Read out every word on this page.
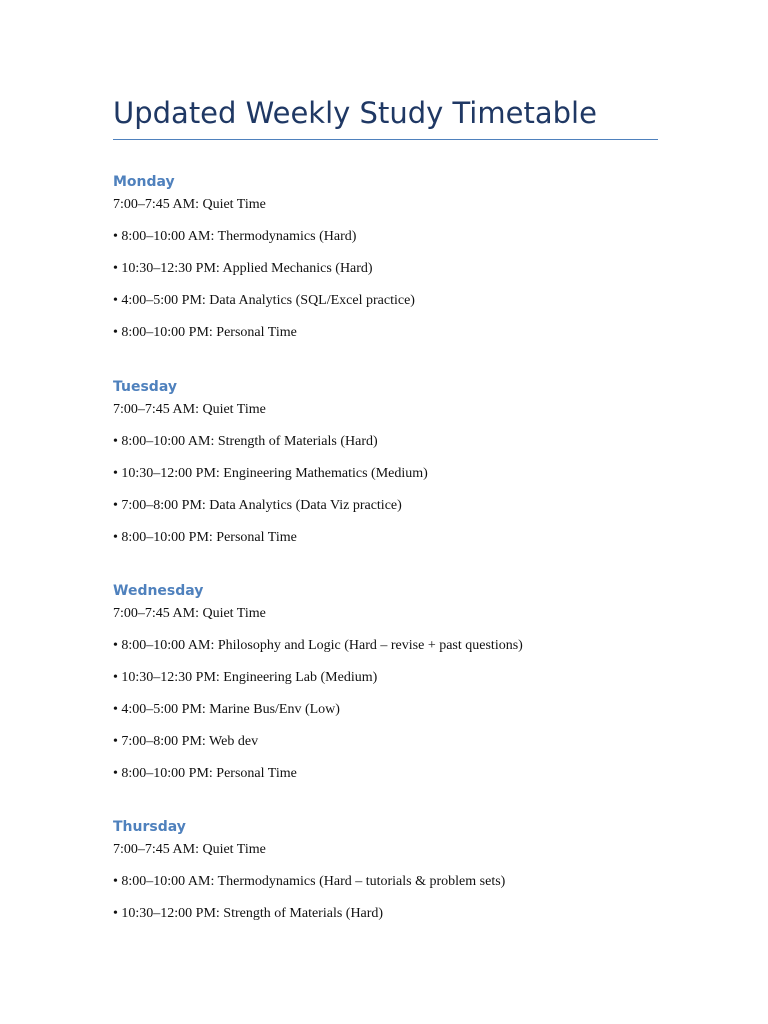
Updated Weekly Study Timetable
Monday
7:00–7:45 AM: Quiet Time
• 8:00–10:00 AM: Thermodynamics (Hard)
• 10:30–12:30 PM: Applied Mechanics (Hard)
• 4:00–5:00 PM: Data Analytics (SQL/Excel practice)
• 8:00–10:00 PM: Personal Time
Tuesday
7:00–7:45 AM: Quiet Time
• 8:00–10:00 AM: Strength of Materials (Hard)
• 10:30–12:00 PM: Engineering Mathematics (Medium)
• 7:00–8:00 PM: Data Analytics (Data Viz practice)
• 8:00–10:00 PM: Personal Time
Wednesday
7:00–7:45 AM: Quiet Time
• 8:00–10:00 AM: Philosophy and Logic (Hard – revise + past questions)
• 10:30–12:30 PM: Engineering Lab (Medium)
• 4:00–5:00 PM: Marine Bus/Env (Low)
• 7:00–8:00 PM: Web dev
• 8:00–10:00 PM: Personal Time
Thursday
7:00–7:45 AM: Quiet Time
• 8:00–10:00 AM: Thermodynamics (Hard – tutorials & problem sets)
• 10:30–12:00 PM: Strength of Materials (Hard)
